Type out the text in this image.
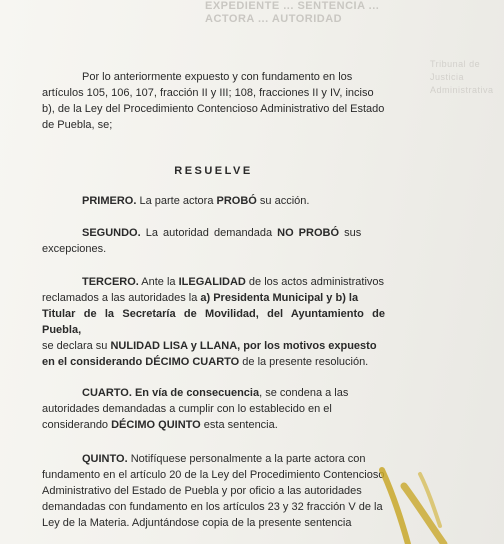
EXPEDIENTE ... SENTENCIA ... ACTORA ... AUTORIDAD
Tribunal de Justicia Administrativa
Por lo anteriormente expuesto y con fundamento en los
artículos 105, 106, 107, fracción II y III; 108, fracciones II y IV, inciso
b), de la Ley del Procedimiento Contencioso Administrativo del Estado
de Puebla, se;
RESUELVE
PRIMERO. La parte actora PROBÓ su acción.
SEGUNDO. La autoridad demandada NO PROBÓ sus
excepciones.
TERCERO. Ante la ILEGALIDAD de los actos administrativos
reclamados a las autoridades la a) Presidenta Municipal y b) la
Titular de la Secretaría de Movilidad, del Ayuntamiento de Puebla,
se declara su NULIDAD LISA y LLANA, por los motivos expuesto
en el considerando DÉCIMO CUARTO de la presente resolución.
CUARTO. En vía de consecuencia, se condena a las
autoridades demandadas a cumplir con lo establecido en el
considerando DÉCIMO QUINTO esta sentencia.
QUINTO. Notifíquese personalmente a la parte actora con
fundamento en el artículo 20 de la Ley del Procedimiento Contencioso
Administrativo del Estado de Puebla y por oficio a las autoridades
demandadas con fundamento en los artículos 23 y 32 fracción V de la
Ley de la Materia. Adjuntándose copia de la presente sentencia
